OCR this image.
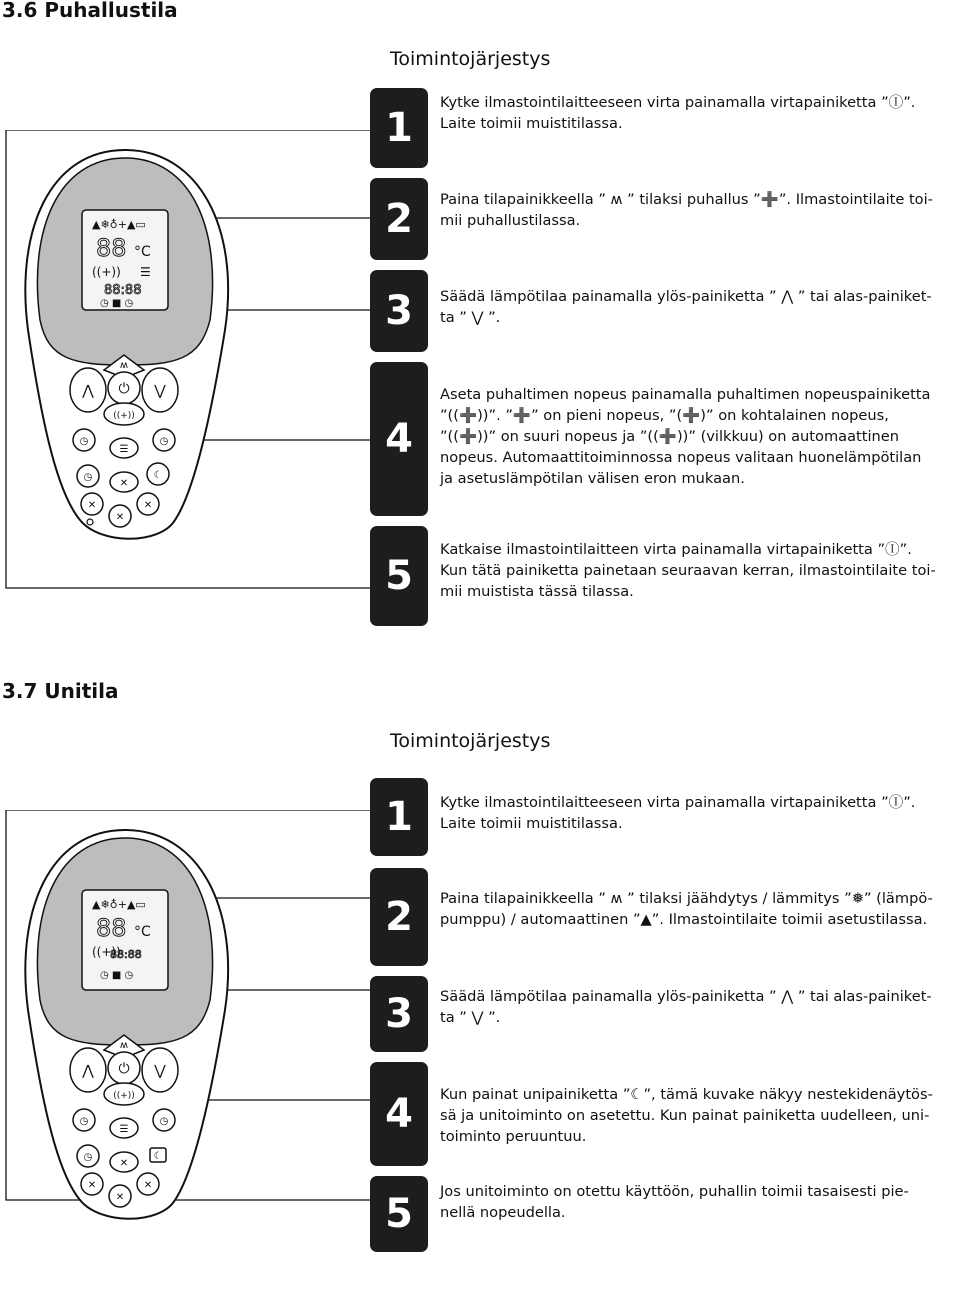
3.6 Puhallustila
Toimintojärjestys
▲❄♁+▲▭
88 °C
((+)) ☰
88:88
◷ ■ ◷
⋀	⋁
⏻
ʍ
((+))
◷
☰
◷
◷
✕
☾
✕	✕
✕
1
2
3
4
5
Kytke ilmastointilaitteeseen virta painamalla virtapainiketta ”Ⓘ”.
Laite toimii muistitilassa.
Paina tilapainikkeella ” ʍ ” tilaksi puhallus ”➕”. Ilmastointilaite toi-
mii puhallustilassa.
Säädä lämpötilaa painamalla ylös-painiketta ” ⋀ ” tai alas-painiket-
ta ” ⋁ ”.
Aseta puhaltimen nopeus painamalla puhaltimen nopeuspainiketta
”((➕))”. ”➕” on pieni nopeus, ”(➕)” on kohtalainen nopeus,
”((➕))” on suuri nopeus ja ”((➕))” (vilkkuu) on automaattinen
nopeus. Automaattitoiminnossa nopeus valitaan huonelämpötilan
ja asetuslämpötilan välisen eron mukaan.
Katkaise ilmastointilaitteen virta painamalla virtapainiketta ”Ⓘ”.
Kun tätä painiketta painetaan seuraavan kerran, ilmastointilaite toi-
mii muistista tässä tilassa.
3.7 Unitila
Toimintojärjestys
▲❄♁+▲▭
88 °C
((+))
88:88
◷ ■ ◷
⋀	⋁
⏻
ʍ
((+))
◷
☰
◷
◷
✕
☾
✕	✕
✕
1
2
3
4
5
Kytke ilmastointilaitteeseen virta painamalla virtapainiketta ”Ⓘ”.
Laite toimii muistitilassa.
Paina tilapainikkeella ” ʍ ” tilaksi jäähdytys / lämmitys ”❅” (lämpö-
pumppu) / automaattinen ”▲”. Ilmastointilaite toimii asetustilassa.
Säädä lämpötilaa painamalla ylös-painiketta ” ⋀ ” tai alas-painiket-
ta ” ⋁ ”.
Kun painat unipainiketta ”☾”, tämä kuvake näkyy nestekidenäytös-
sä ja unitoiminto on asetettu. Kun painat painiketta uudelleen, uni-
toiminto peruuntuu.
Jos unitoiminto on otettu käyttöön, puhallin toimii tasaisesti pie-
nellä nopeudella.
